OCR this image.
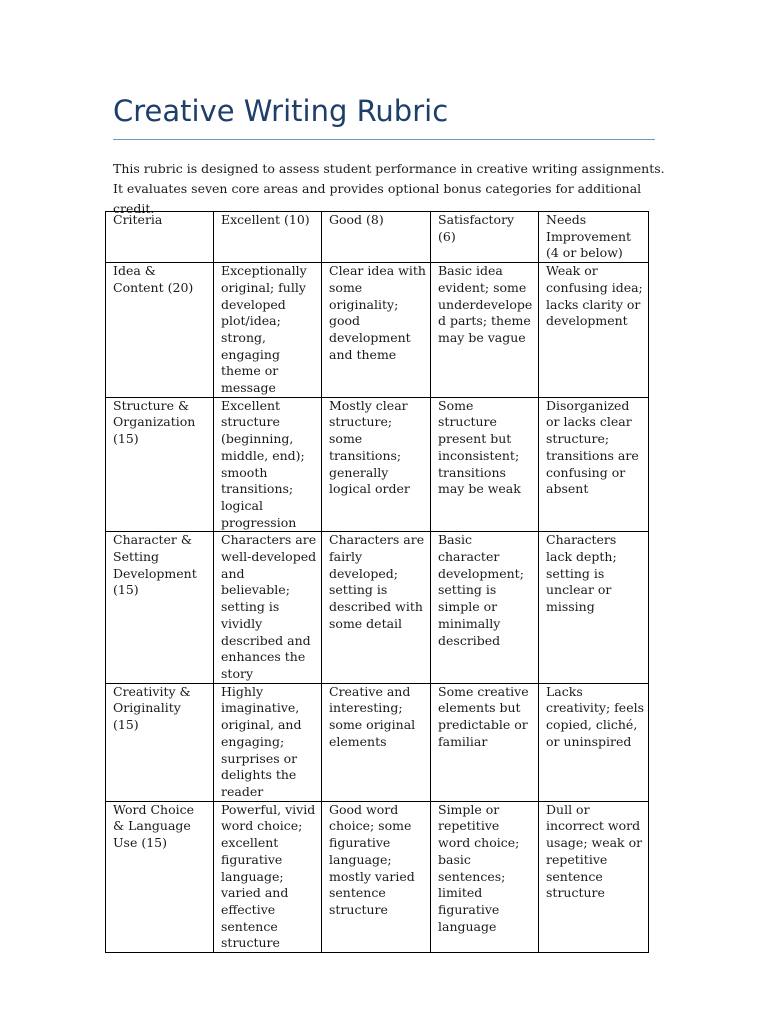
Creative Writing Rubric

This rubric is designed to assess student performance in creative writing assignments. It evaluates seven core areas and provides optional bonus categories for additional credit.

Criteria	Excellent (10)	Good (8)	Satisfactory (6)	Needs Improvement (4 or below)
Idea & Content (20)	Exceptionally original; fully developed plot/idea; strong, engaging theme or message	Clear idea with some originality; good development and theme	Basic idea evident; some underdeveloped parts; theme may be vague	Weak or confusing idea; lacks clarity or development
Structure & Organization (15)	Excellent structure (beginning, middle, end); smooth transitions; logical progression	Mostly clear structure; some transitions; generally logical order	Some structure present but inconsistent; transitions may be weak	Disorganized or lacks clear structure; transitions are confusing or absent
Character & Setting Development (15)	Characters are well-developed and believable; setting is vividly described and enhances the story	Characters are fairly developed; setting is described with some detail	Basic character development; setting is simple or minimally described	Characters lack depth; setting is unclear or missing
Creativity & Originality (15)	Highly imaginative, original, and engaging; surprises or delights the reader	Creative and interesting; some original elements	Some creative elements but predictable or familiar	Lacks creativity; feels copied, cliché, or uninspired
Word Choice & Language Use (15)	Powerful, vivid word choice; excellent figurative language; varied and effective sentence structure	Good word choice; some figurative language; mostly varied sentence structure	Simple or repetitive word choice; basic sentences; limited figurative language	Dull or incorrect word usage; weak or repetitive sentence structure
